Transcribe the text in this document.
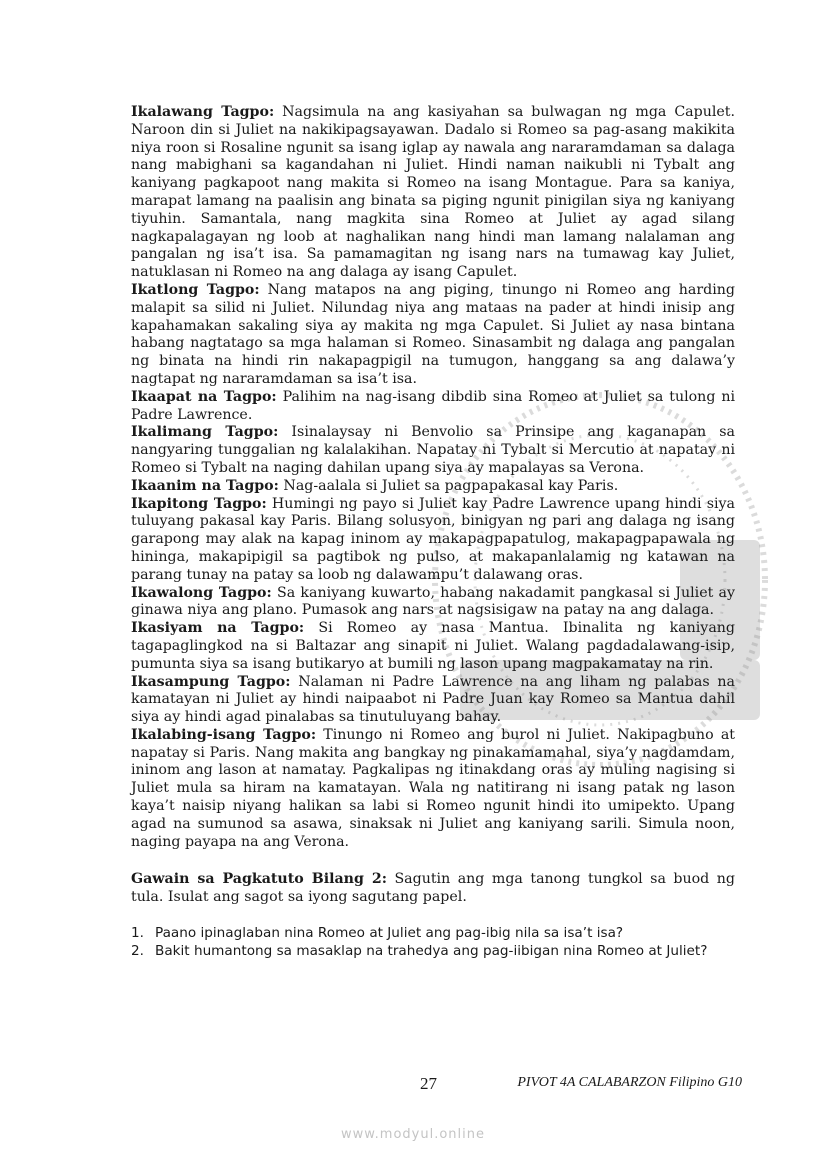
Ikalawang Tagpo: Nagsimula na ang kasiyahan sa bulwagan ng mga Capulet. Naroon din si Juliet na nakikipagsayawan. Dadalo si Romeo sa pag-asang makikita niya roon si Rosaline ngunit sa isang iglap ay nawala ang nararamdaman sa dalaga nang mabighani sa kagandahan ni Juliet. Hindi naman naikubli ni Tybalt ang kaniyang pagkapoot nang makita si Romeo na isang Montague. Para sa kaniya, marapat lamang na paalisin ang binata sa piging ngunit pinigilan siya ng kaniyang tiyuhin. Samantala, nang magkita sina Romeo at Juliet ay agad silang nagkapalagayan ng loob at naghalikan nang hindi man lamang nalalaman ang pangalan ng isa’t isa. Sa pamamagitan ng isang nars na tumawag kay Juliet, natuklasan ni Romeo na ang dalaga ay isang Capulet.

Ikatlong Tagpo: Nang matapos na ang piging, tinungo ni Romeo ang harding malapit sa silid ni Juliet. Nilundag niya ang mataas na pader at hindi inisip ang kapahamakan sakaling siya ay makita ng mga Capulet. Si Juliet ay nasa bintana habang nagtatago sa mga halaman si Romeo. Sinasambit ng dalaga ang pangalan ng binata na hindi rin nakapagpigil na tumugon, hanggang sa ang dalawa’y nagtapat ng nararamdaman sa isa’t isa.

Ikaapat na Tagpo: Palihim na nag-isang dibdib sina Romeo at Juliet sa tulong ni Padre Lawrence.

Ikalimang Tagpo: Isinalaysay ni Benvolio sa Prinsipe ang kaganapan sa nangyaring tunggalian ng kalalakihan. Napatay ni Tybalt si Mercutio at napatay ni Romeo si Tybalt na naging dahilan upang siya ay mapalayas sa Verona.

Ikaanim na Tagpo: Nag-aalala si Juliet sa pagpapakasal kay Paris.

Ikapitong Tagpo: Humingi ng payo si Juliet kay Padre Lawrence upang hindi siya tuluyang pakasal kay Paris. Bilang solusyon, binigyan ng pari ang dalaga ng isang garapong may alak na kapag ininom ay makapagpapatulog, makapagpapawala ng hininga, makapipigil sa pagtibok ng pulso, at makapanlalamig ng katawan na parang tunay na patay sa loob ng dalawampu’t dalawang oras.

Ikawalong Tagpo: Sa kaniyang kuwarto, habang nakadamit pangkasal si Juliet ay ginawa niya ang plano. Pumasok ang nars at nagsisigaw na patay na ang dalaga.

Ikasiyam na Tagpo: Si Romeo ay nasa Mantua. Ibinalita ng kaniyang tagapaglingkod na si Baltazar ang sinapit ni Juliet. Walang pagdadalawang-isip, pumunta siya sa isang butikaryo at bumili ng lason upang magpakamatay na rin.

Ikasampung Tagpo: Nalaman ni Padre Lawrence na ang liham ng palabas na kamatayan ni Juliet ay hindi naipaabot ni Padre Juan kay Romeo sa Mantua dahil siya ay hindi agad pinalabas sa tinutuluyang bahay.

Ikalabing-isang Tagpo: Tinungo ni Romeo ang burol ni Juliet. Nakipagbuno at napatay si Paris. Nang makita ang bangkay ng pinakamamahal, siya’y nagdamdam, ininom ang lason at namatay. Pagkalipas ng itinakdang oras ay muling nagising si Juliet mula sa hiram na kamatayan. Wala ng natitirang ni isang patak ng lason kaya’t naisip niyang halikan sa labi si Romeo ngunit hindi ito umipekto. Upang agad na sumunod sa asawa, sinaksak ni Juliet ang kaniyang sarili. Simula noon, naging payapa na ang Verona.

Gawain sa Pagkatuto Bilang 2: Sagutin ang mga tanong tungkol sa buod ng tula. Isulat ang sagot sa iyong sagutang papel.

1. Paano ipinaglaban nina Romeo at Juliet ang pag-ibig nila sa isa’t isa?
2. Bakit humantong sa masaklap na trahedya ang pag-iibigan nina Romeo at Juliet?
27	PIVOT 4A CALABARZON Filipino G10
www.modyul.online
